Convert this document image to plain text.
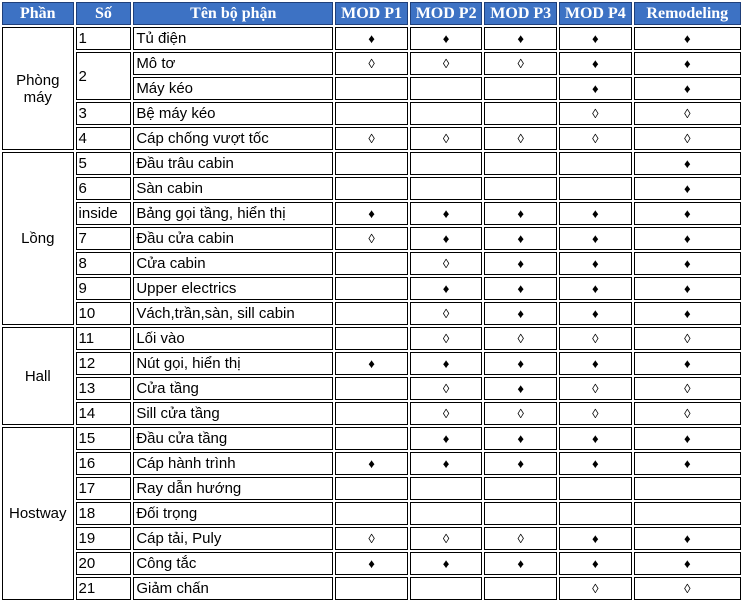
Phần	Số	Tên bộ phận	MOD P1	MOD P2	MOD P3	MOD P4	Remodeling
Phòng máy	1	Tủ điện	♦	♦	♦	♦	♦
	2	Mô tơ	◊	◊	◊	♦	♦
		Máy kéo				♦	♦
	3	Bệ máy kéo				◊	◊
	4	Cáp chống vượt tốc	◊	◊	◊	◊	◊
Lồng	5	Đầu trâu cabin					♦
	6	Sàn cabin					♦
	inside	Bảng gọi tầng, hiển thị	♦	♦	♦	♦	♦
	7	Đầu cửa cabin	◊	♦	♦	♦	♦
	8	Cửa cabin		◊	♦	♦	♦
	9	Upper electrics		♦	♦	♦	♦
	10	Vách,trần,sàn, sill cabin		◊	♦	♦	♦
Hall	11	Lối vào		◊	◊	◊	◊
	12	Nút gọi, hiển thị	♦	♦	♦	♦	♦
	13	Cửa tầng		◊	♦	◊	◊
	14	Sill cửa tầng		◊	◊	◊	◊
Hostway	15	Đầu cửa tầng		♦	♦	♦	♦
	16	Cáp hành trình	♦	♦	♦	♦	♦
	17	Ray dẫn hướng					
	18	Đối trọng					
	19	Cáp tải, Puly	◊	◊	◊	♦	♦
	20	Công tắc	♦	♦	♦	♦	♦
	21	Giảm chấn				◊	◊
